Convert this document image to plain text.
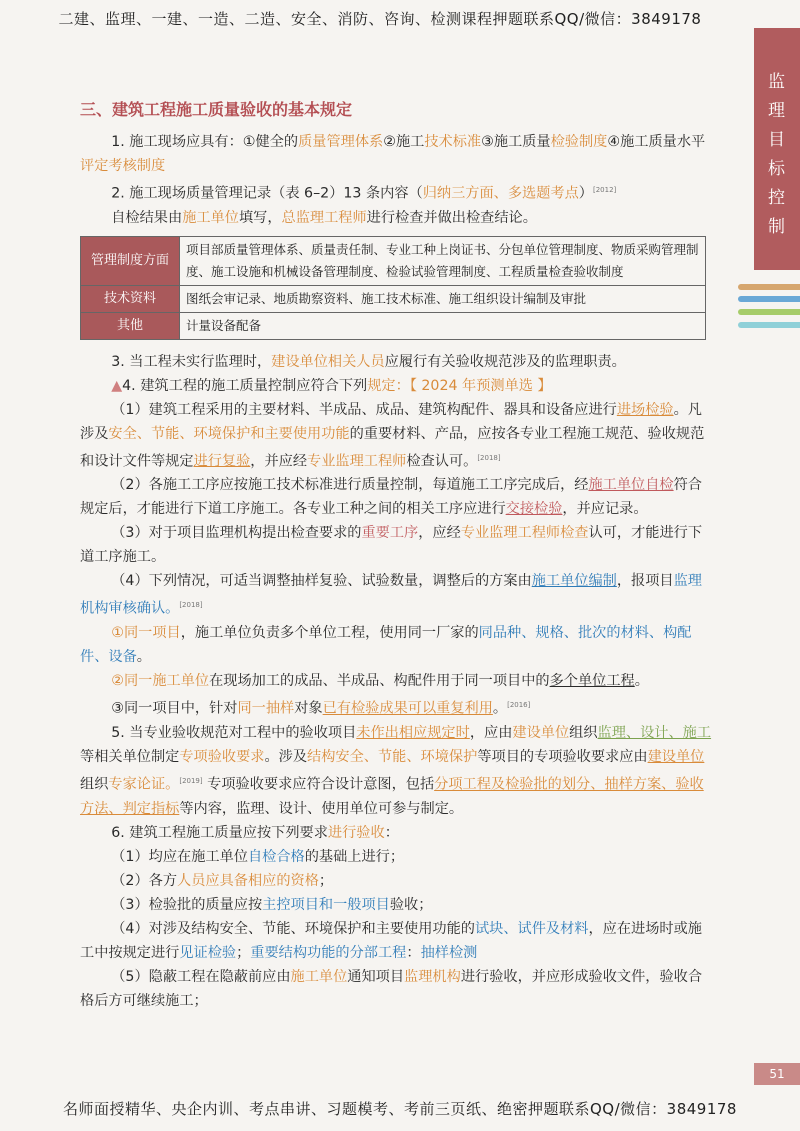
二建、监理、一建、一造、二造、安全、消防、咨询、检测课程押题联系QQ/微信：3849178
监
理
目
标
控
制
三、建筑工程施工质量验收的基本规定

1. 施工现场应具有：①健全的质量管理体系②施工技术标准③施工质量检验制度④施工质量水平评定考核制度

2. 施工现场质量管理记录（表 6–2）13 条内容（归纳三方面、多选题考点）[2012]

自检结果由施工单位填写，总监理工程师进行检查并做出检查结论。

管理制度方面	项目部质量管理体系、质量责任制、专业工种上岗证书、分包单位管理制度、物质采购管理制度、施工设施和机械设备管理制度、检验试验管理制度、工程质量检查验收制度
技术资料	图纸会审记录、地质勘察资料、施工技术标准、施工组织设计编制及审批
其他	计量设备配备

3. 当工程未实行监理时，建设单位相关人员应履行有关验收规范涉及的监理职责。

▲4. 建筑工程的施工质量控制应符合下列规定：【 2024 年预测单选 】

（1）建筑工程采用的主要材料、半成品、成品、建筑构配件、器具和设备应进行进场检验。凡涉及安全、节能、环境保护和主要使用功能的重要材料、产品，应按各专业工程施工规范、验收规范和设计文件等规定进行复验，并应经专业监理工程师检查认可。[2018]

（2）各施工工序应按施工技术标准进行质量控制，每道施工工序完成后，经施工单位自检符合规定后，才能进行下道工序施工。各专业工种之间的相关工序应进行交接检验，并应记录。

（3）对于项目监理机构提出检查要求的重要工序，应经专业监理工程师检查认可，才能进行下道工序施工。

（4）下列情况，可适当调整抽样复验、试验数量，调整后的方案由施工单位编制，报项目监理机构审核确认。[2018]

①同一项目，施工单位负责多个单位工程，使用同一厂家的同品种、规格、批次的材料、构配件、设备。

②同一施工单位在现场加工的成品、半成品、构配件用于同一项目中的多个单位工程。

③同一项目中，针对同一抽样对象已有检验成果可以重复利用。[2016]

5. 当专业验收规范对工程中的验收项目未作出相应规定时，应由建设单位组织监理、设计、施工等相关单位制定专项验收要求。涉及结构安全、节能、环境保护等项目的专项验收要求应由建设单位组织专家论证。[2019] 专项验收要求应符合设计意图，包括分项工程及检验批的划分、抽样方案、验收方法、判定指标等内容，监理、设计、使用单位可参与制定。

6. 建筑工程施工质量应按下列要求进行验收：

（1）均应在施工单位自检合格的基础上进行；

（2）各方人员应具备相应的资格；

（3）检验批的质量应按主控项目和一般项目验收；

（4）对涉及结构安全、节能、环境保护和主要使用功能的试块、试件及材料，应在进场时或施工中按规定进行见证检验；重要结构功能的分部工程：抽样检测

（5）隐蔽工程在隐蔽前应由施工单位通知项目监理机构进行验收，并应形成验收文件，验收合格后方可继续施工；

51
名师面授精华、央企内训、考点串讲、习题模考、考前三页纸、绝密押题联系QQ/微信：3849178
